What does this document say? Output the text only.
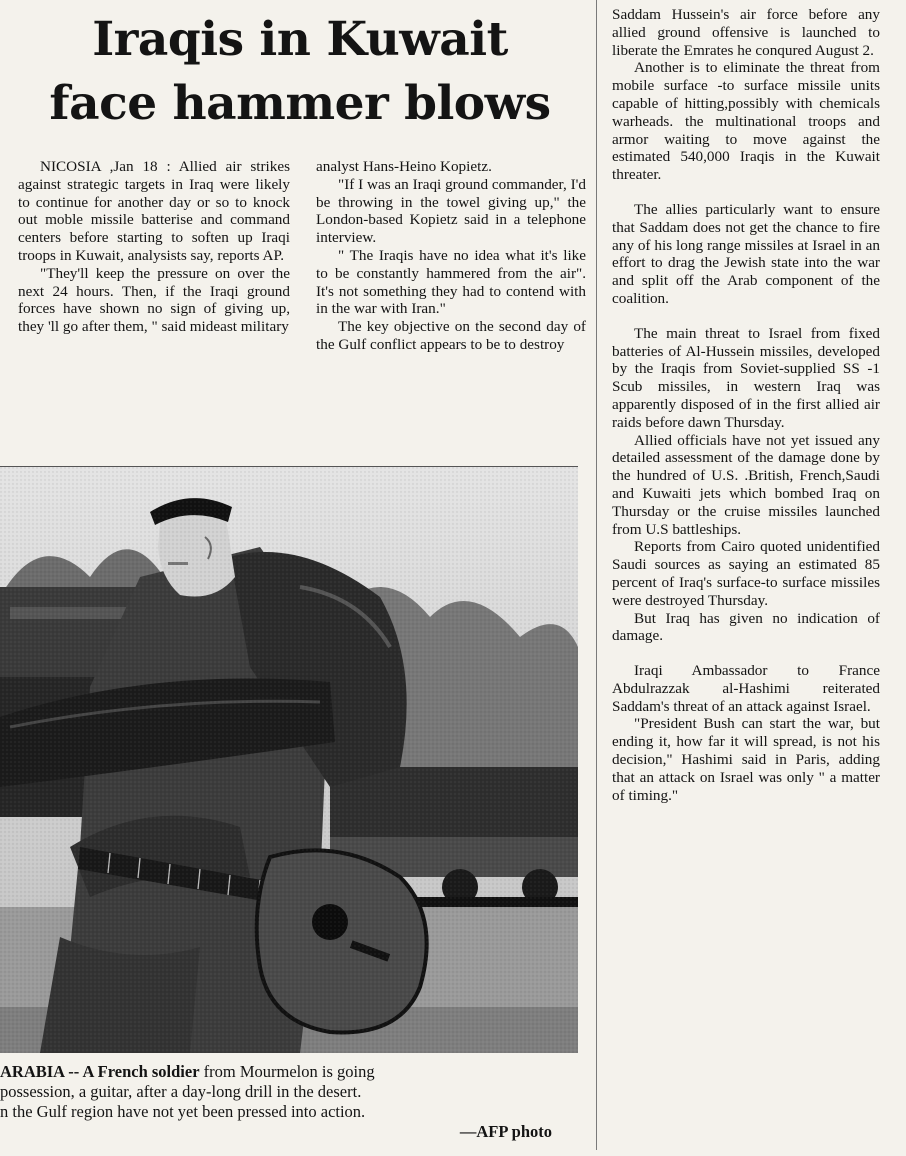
Iraqis in Kuwait
face hammer blows

NICOSIA ,Jan 18 : Allied air strikes against strategic targets in Iraq were likely to continue for another day or so to knock out moble missile batterise and command centers before starting to soften up Iraqi troops in Kuwait, analysists say, reports AP.

"They'll keep the pressure on over the next 24 hours. Then, if the Iraqi ground forces have shown no sign of giving up, they 'll go after them, " said mideast military

analyst Hans-Heino Kopietz.

"If I was an Iraqi ground commander, I'd be throwing in the towel giving up," the London-based Kopietz said in a telephone interview.

" The Iraqis have no idea what it's like to be constantly hammered from the air". It's not something they had to contend with in the war with Iran."

The key objective on the second day of the Gulf conflict appears to be to destroy

Saddam Hussein's air force before any allied ground offensive is launched to liberate the Emrates he conqured August 2.

Another is to eliminate the threat from mobile surface -to surface missile units capable of hitting,possibly with chemicals warheads. the multinational troops and armor waiting to move against the estimated 540,000 Iraqis in the Kuwait threater.

The allies particularly want to ensure that Saddam does not get the chance to fire any of his long range missiles at Israel in an effort to drag the Jewish state into the war and split off the Arab component of the coalition.

The main threat to Israel from fixed batteries of Al-Hussein missiles, developed by the Iraqis from Soviet-supplied SS -1 Scub missiles, in western Iraq was apparently disposed of in the first allied air raids before dawn Thursday.

Allied officials have not yet issued any detailed assessment of the damage done by the hundred of U.S. .British, French,Saudi and Kuwaiti jets which bombed Iraq on Thursday or the cruise missiles launched from U.S battleships.

Reports from Cairo quoted unidentified Saudi sources as saying an estimated 85 percent of Iraq's surface-to surface missiles were destroyed Thursday.

But Iraq has given no indication of damage.

Iraqi Ambassador to France Abdulrazzak al-Hashimi reiterated Saddam's threat of an attack against Israel.

"President Bush can start the war, but ending it, how far it will spread, is not his decision," Hashimi said in Paris, adding that an attack on Israel was only " a matter of timing."

ARABIA -- A French soldier from Mourmelon is going
possession, a guitar, after a day-long drill in the desert.
n the Gulf region have not yet been pressed into action.
—AFP photo
